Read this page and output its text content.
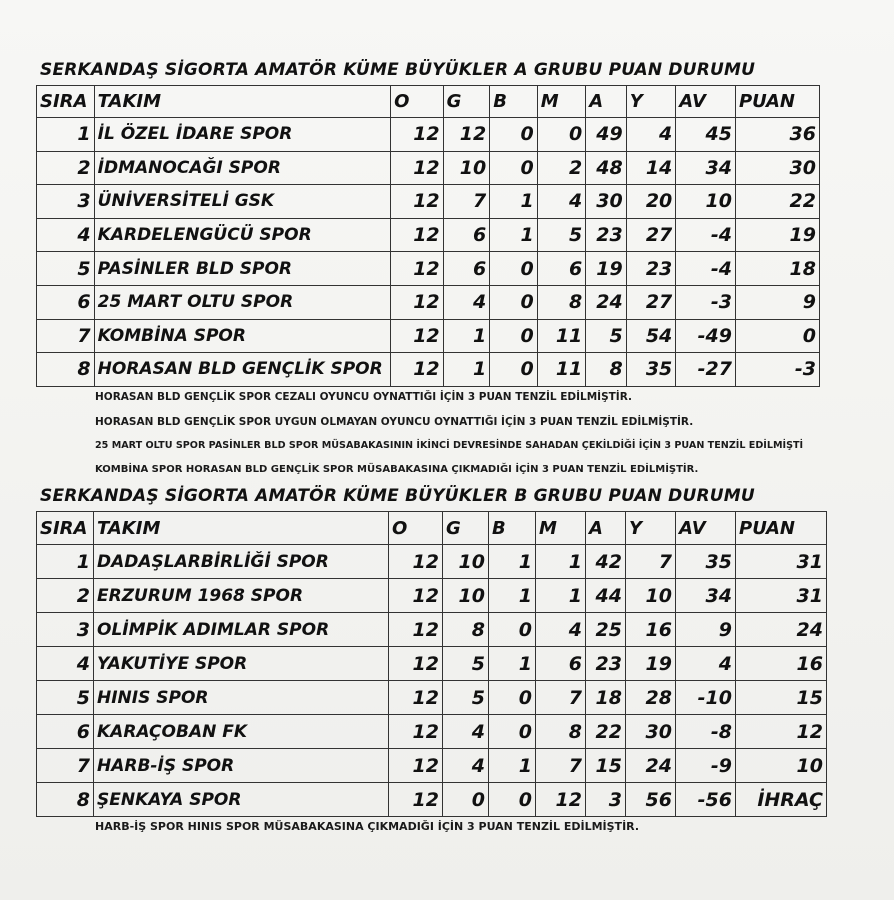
SERKANDAŞ SİGORTA AMATÖR KÜME BÜYÜKLER A GRUBU PUAN DURUMU
SIRA	TAKIM	O	G	B	M	A	Y	AV	PUAN
1	İL ÖZEL İDARE SPOR	12	12	0	0	49	4	45	36
2	İDMANOCAĞI SPOR	12	10	0	2	48	14	34	30
3	ÜNİVERSİTELİ GSK	12	7	1	4	30	20	10	22
4	KARDELENGÜCÜ SPOR	12	6	1	5	23	27	-4	19
5	PASİNLER BLD SPOR	12	6	0	6	19	23	-4	18
6	25 MART OLTU SPOR	12	4	0	8	24	27	-3	9
7	KOMBİNA SPOR	12	1	0	11	5	54	-49	0
8	HORASAN BLD GENÇLİK SPOR	12	1	0	11	8	35	-27	-3
HORASAN BLD GENÇLİK SPOR CEZALI OYUNCU OYNATTIĞI İÇİN 3 PUAN TENZİL EDİLMİŞTİR.
HORASAN BLD GENÇLİK SPOR UYGUN OLMAYAN OYUNCU OYNATTIĞI İÇİN 3 PUAN TENZİL EDİLMİŞTİR.
25 MART OLTU SPOR PASİNLER BLD SPOR MÜSABAKASININ İKİNCİ DEVRESİNDE SAHADAN ÇEKİLDİĞİ İÇİN 3 PUAN TENZİL EDİLMİŞTİ
KOMBİNA SPOR HORASAN BLD GENÇLİK SPOR MÜSABAKASINA ÇIKMADIĞI İÇİN 3 PUAN TENZİL EDİLMİŞTİR.
SERKANDAŞ SİGORTA AMATÖR KÜME BÜYÜKLER B GRUBU PUAN DURUMU
SIRA	TAKIM	O	G	B	M	A	Y	AV	PUAN
1	DADAŞLARBİRLİĞİ SPOR	12	10	1	1	42	7	35	31
2	ERZURUM 1968 SPOR	12	10	1	1	44	10	34	31
3	OLİMPİK ADIMLAR SPOR	12	8	0	4	25	16	9	24
4	YAKUTİYE SPOR	12	5	1	6	23	19	4	16
5	HINIS SPOR	12	5	0	7	18	28	-10	15
6	KARAÇOBAN FK	12	4	0	8	22	30	-8	12
7	HARB-İŞ SPOR	12	4	1	7	15	24	-9	10
8	ŞENKAYA SPOR	12	0	0	12	3	56	-56	İHRAÇ
HARB-İŞ SPOR HINIS SPOR MÜSABAKASINA ÇIKMADIĞI İÇİN 3 PUAN TENZİL EDİLMİŞTİR.
